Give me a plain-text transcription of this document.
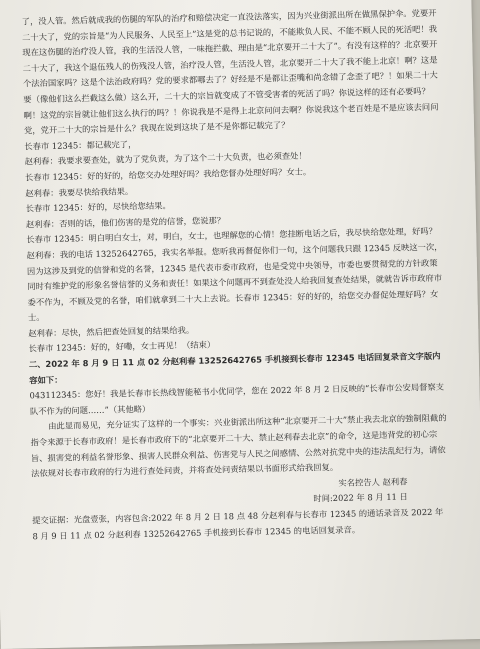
了，没人管。然后就成我的伤腿的军队的治疗和赔偿决定一直没法落实，因为兴业街派出所在做黑保护伞。党要开二十大了，党的宗旨是“为人民服务、人民至上”这是党的总书记说的，不能欺负人民、不能不顾人民的死活吧！我现在这伤腿的治疗没人管，我的生活没人管，一味拖拦截、理由是“北京要开二十大了”。有没有这样的？北京要开二十大了，我这个退伍残人的伤残没人管，治疗没人管，生活没人管，北京要开二十大了我不能上北京！啊？这是个法治国家吗？这是个法治政府吗？党的要求都哪去了？好经是不是都让歪嘴和尚念错了念歪了吧？！如果二十大要（像他们这么拦截这么做）这么开，二十大的宗旨就变成了不管受害者的死活了吗？你说这样的还有必要吗？啊！这党的宗旨就让他们这么执行的吗？！你说我是不是得上北京问问去啊？你说我这个老百姓是不是应该去问问党，党开二十大的宗旨是什么？我现在说到这块了是不是你都记载完了？

长春市 12345：都记载完了，

赵利春：我要求要查处，就为了党负责，为了这个二十大负责，也必须查处！

长春市 12345：好的好的，给您交办处理好吗？我给您督办处理好吗？女士。

赵利春：我要尽快给我结果。

长春市 12345：好的，尽快给您结果。

赵利春：否则的话，他们伤害的是党的信誉，您说那？

长春市 12345：明白明白女士，对，明白，女士，也理解您的心情！您挂断电话之后，我尽快给您处理，好吗？

赵利春：我的电话 13252642765，我实名举报。您听我再督促你们一句，这个问题我只跟 12345 反映这一次，因为这涉及到党的信誉和党的名誉，12345 是代表市委市政府，也是受党中央领导，市委也要贯彻党的方针政策同时有维护党的形象名誉信誉的义务和责任！如果这个问题再不到查处没人给我回复查处结果，就就告诉市政府市委不作为，不顾及党的名誉，咱们就拿到二十大上去说。长春市 12345：好的好的，给您交办督促处理好吗？女士。

赵利春：尽快，然后把查处回复的结果给我。

长春市 12345：好的，好嘞，女士再见！（结束）

二、2022 年 8 月 9 日 11 点 02 分赵利春 13252642765 手机接到长春市 12345 电话回复录音文字版内容如下：

043112345：您好！我是长春市长热线智能秘书小优同学，您在 2022 年 8 月 2 日反映的“长春市公安局督察支队不作为的问题……”（其他略）

由此显而易见，充分证实了这样的一个事实：兴业街派出所这种“北京要开二十大”禁止我去北京的強制阻截的指令来源于长春市政府！是长春市政府下的“北京要开二十大、禁止赵利春去北京”的命令，这是违背党的初心宗旨、损害党的利益名誉形象、损害人民群众利益、伤害党与人民之间感情、公然对抗党中央的违法乱纪行为，请依法依规对长春市政府的行为进行查处问责，并将查处问责结果以书面形式给我回复。

实名控告人 赵利春

时间:2022 年 8 月 11 日

提交证据：光盘壹张，内容包含:2022 年 8 月 2 日 18 点 48 分赵利春与长春市 12345 的通话录音及 2022 年 8 月 9 日 11 点 02 分赵利春 13252642765 手机接到长春市 12345 的电话回复录音。
